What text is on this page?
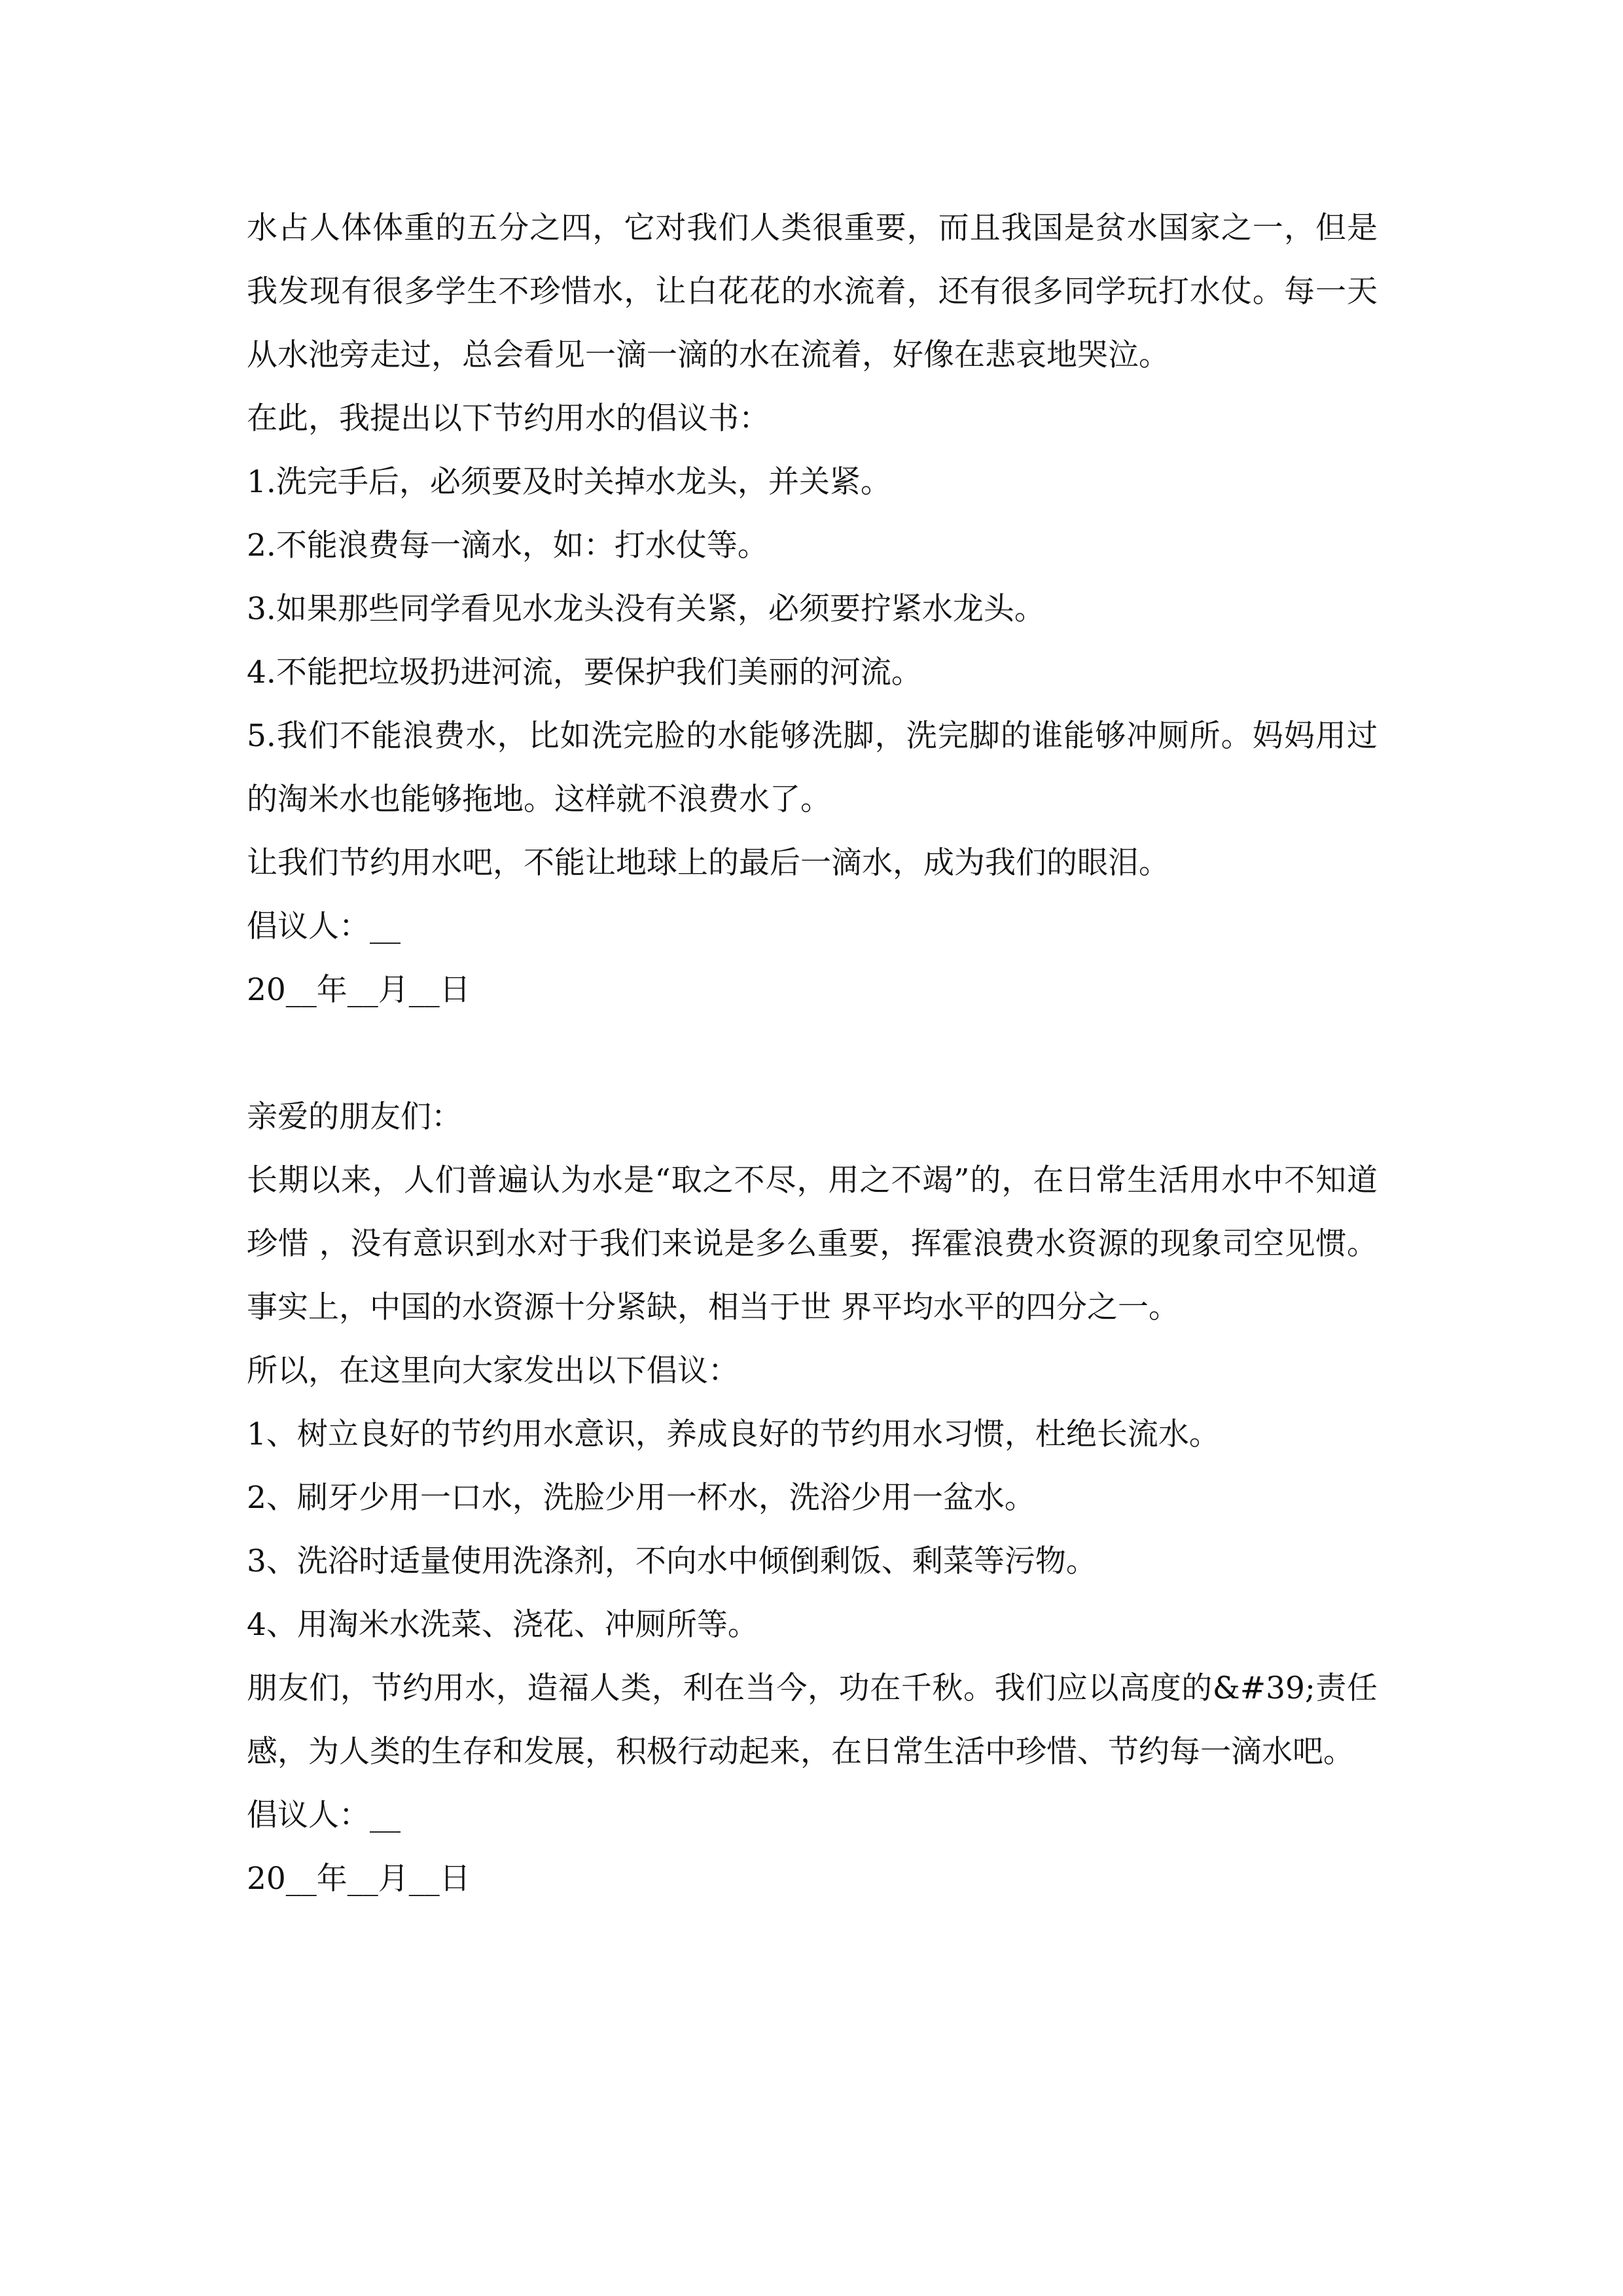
水占人体体重的五分之四，它对我们人类很重要，而且我国是贫水国家之一，但是我发现有很多学生不珍惜水，让白花花的水流着，还有很多同学玩打水仗。每一天从水池旁走过，总会看见一滴一滴的水在流着，好像在悲哀地哭泣。

在此，我提出以下节约用水的倡议书：

1.洗完手后，必须要及时关掉水龙头，并关紧。

2.不能浪费每一滴水，如：打水仗等。

3.如果那些同学看见水龙头没有关紧，必须要拧紧水龙头。

4.不能把垃圾扔进河流，要保护我们美丽的河流。

5.我们不能浪费水，比如洗完脸的水能够洗脚，洗完脚的谁能够冲厕所。妈妈用过的淘米水也能够拖地。这样就不浪费水了。

让我们节约用水吧，不能让地球上的最后一滴水，成为我们的眼泪。

倡议人：__

20__年__月__日

亲爱的朋友们：

长期以来，人们普遍认为水是“取之不尽，用之不竭”的，在日常生活用水中不知道珍惜 ，没有意识到水对于我们来说是多么重要，挥霍浪费水资源的现象司空见惯。 事实上，中国的水资源十分紧缺，相当于世 界平均水平的四分之一。

所以，在这里向大家发出以下倡议：

1、树立良好的节约用水意识，养成良好的节约用水习惯，杜绝长流水。

2、刷牙少用一口水，洗脸少用一杯水，洗浴少用一盆水。

3、洗浴时适量使用洗涤剂，不向水中倾倒剩饭、剩菜等污物。

4、用淘米水洗菜、浇花、冲厕所等。

朋友们，节约用水，造福人类，利在当今，功在千秋。我们应以高度的&#39;责任感，为人类的生存和发展，积极行动起来，在日常生活中珍惜、节约每一滴水吧。

倡议人：__

20__年__月__日
